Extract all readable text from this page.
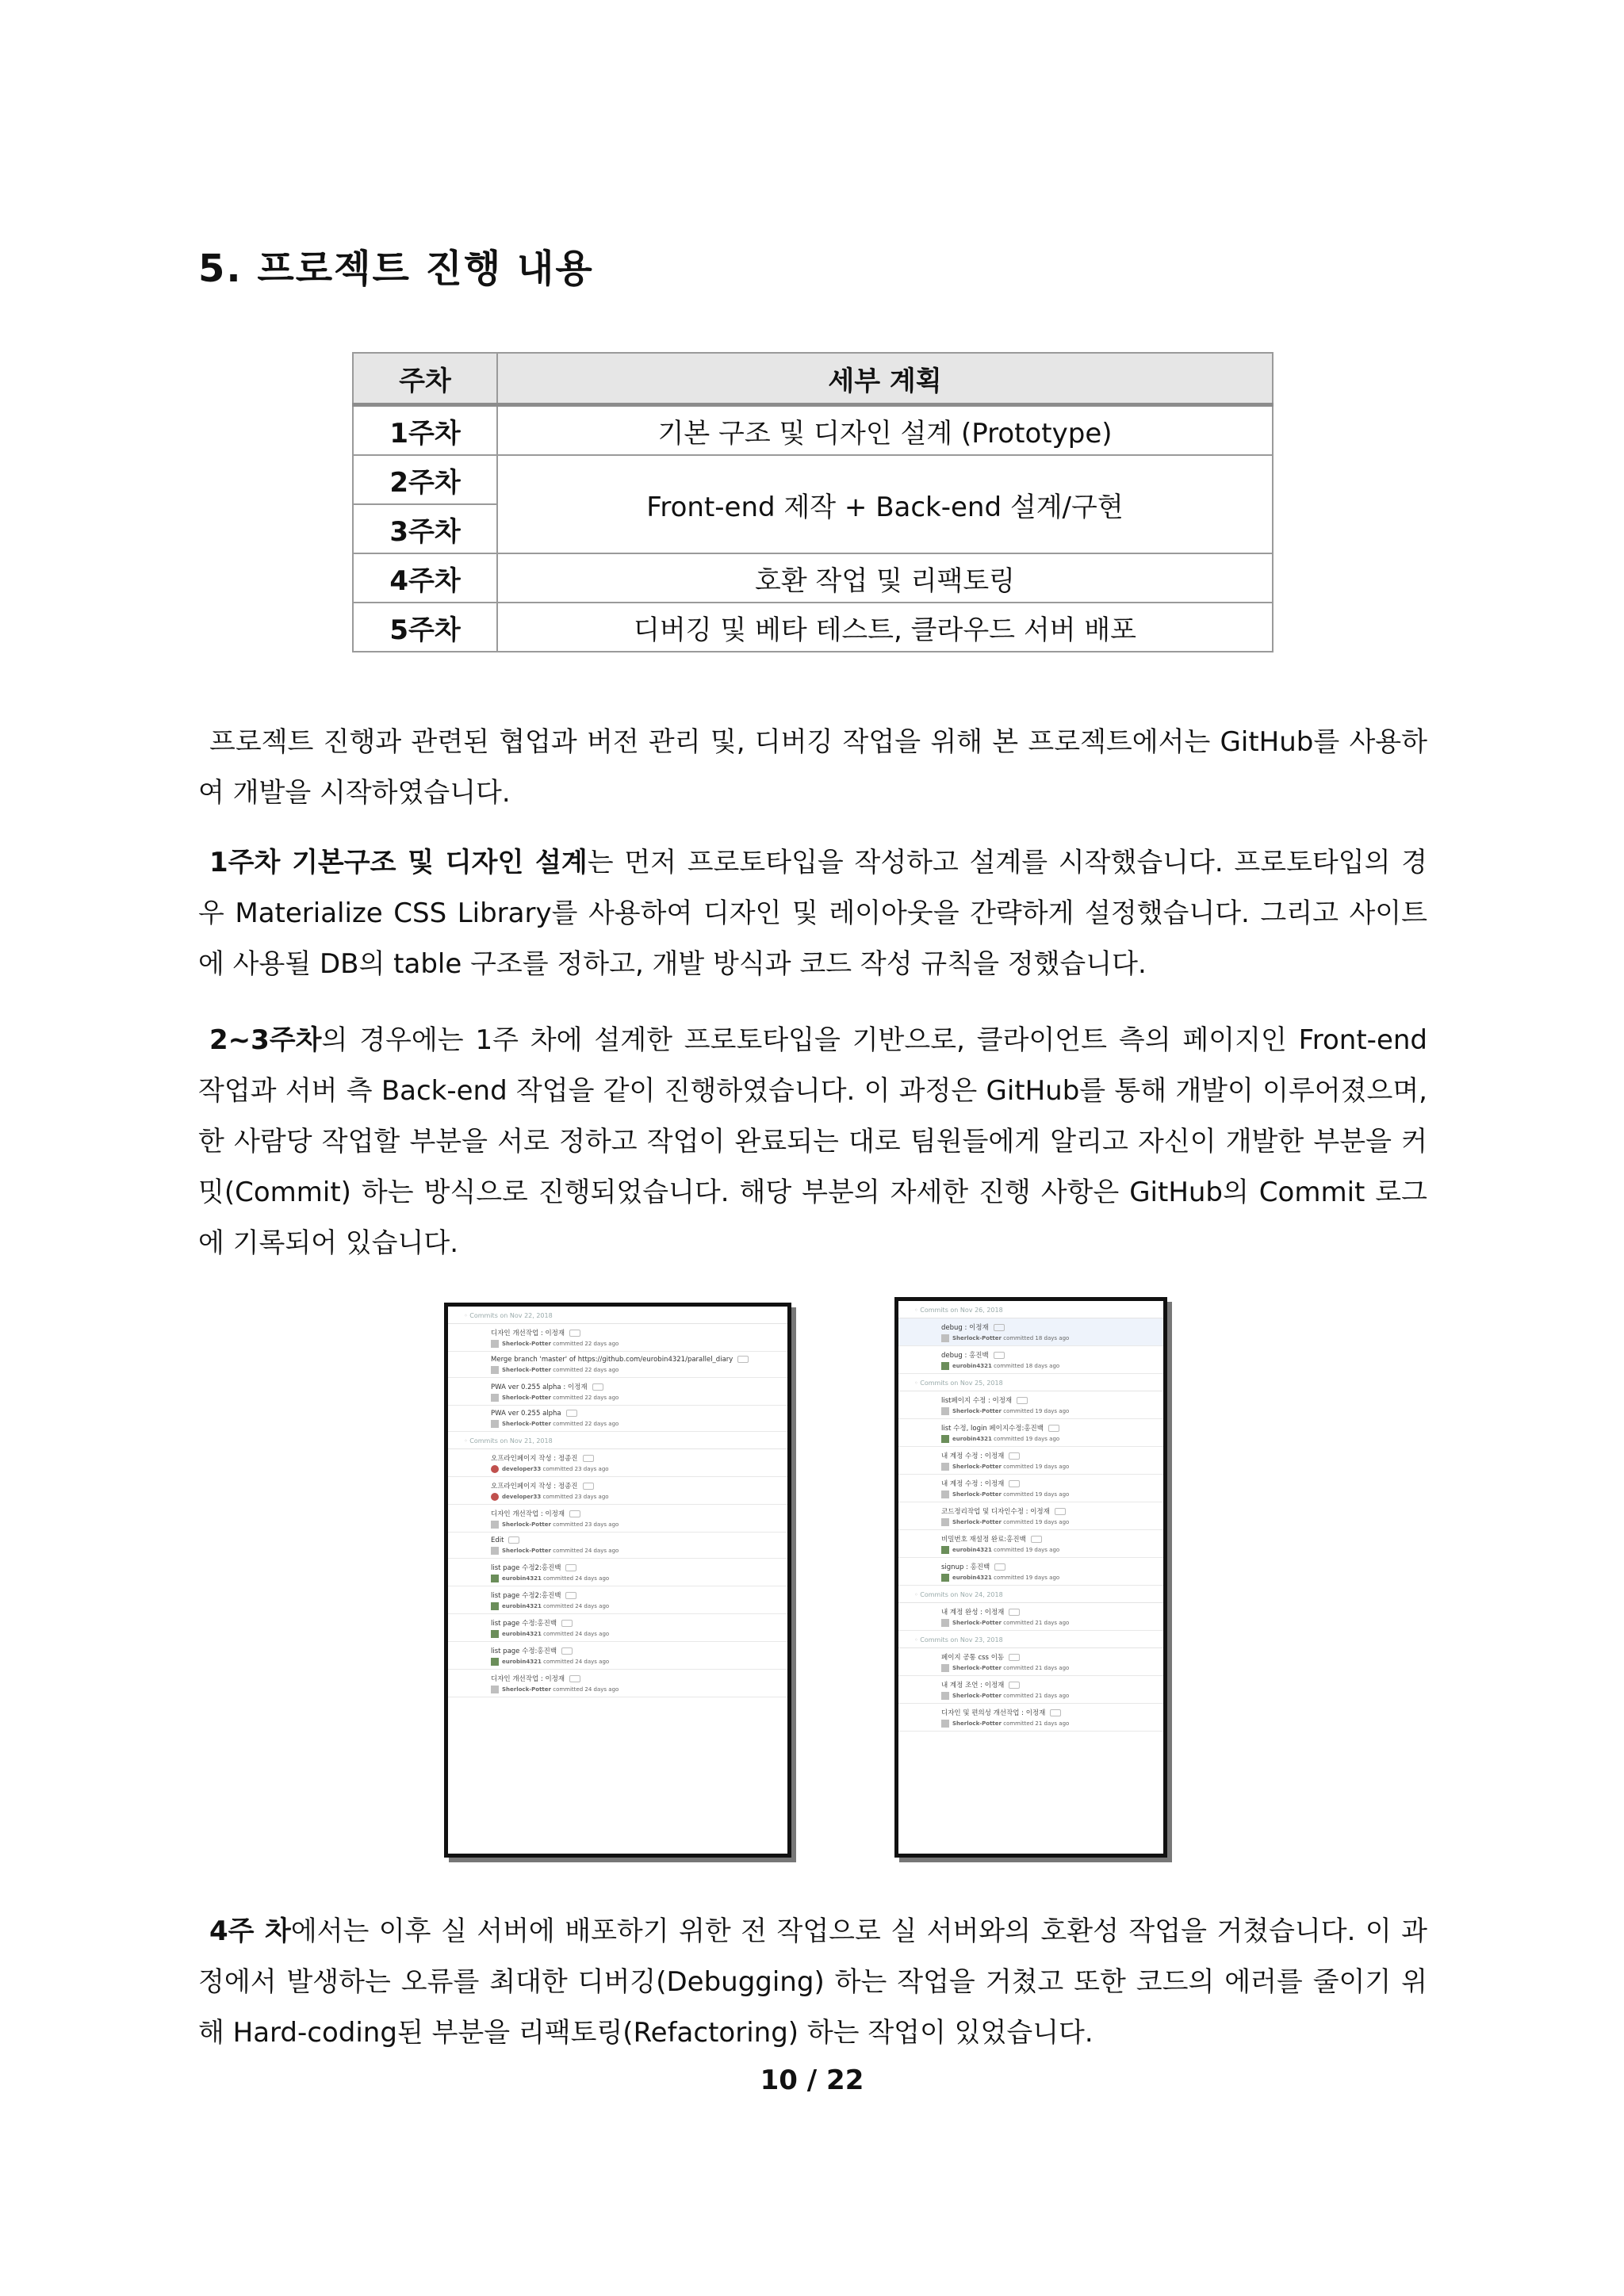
5. 프로젝트 진행 내용
주차	세부 계획
1주차	기본 구조 및 디자인 설계 (Prototype)
2주차	Front-end 제작 + Back-end 설계/구현
3주차	
4주차	호환 작업 및 리팩토링
5주차	디버깅 및 베타 테스트, 클라우드 서버 배포

프로젝트 진행과 관련된 협업과 버전 관리 및, 디버깅 작업을 위해 본 프로젝트에서는 GitHub를 사용하여 개발을 시작하였습니다.

1주차 기본구조 및 디자인 설계는 먼저 프로토타입을 작성하고 설계를 시작했습니다. 프로토타입의 경우 Materialize CSS Library를 사용하여 디자인 및 레이아웃을 간략하게 설정했습니다. 그리고 사이트에 사용될 DB의 table 구조를 정하고, 개발 방식과 코드 작성 규칙을 정했습니다.

2~3주차의 경우에는 1주 차에 설계한 프로토타입을 기반으로, 클라이언트 측의 페이지인 Front-end 작업과 서버 측 Back-end 작업을 같이 진행하였습니다. 이 과정은 GitHub를 통해 개발이 이루어졌으며, 한 사람당 작업할 부분을 서로 정하고 작업이 완료되는 대로 팀원들에게 알리고 자신이 개발한 부분을 커밋(Commit) 하는 방식으로 진행되었습니다. 해당 부분의 자세한 진행 사항은 GitHub의 Commit 로그에 기록되어 있습니다.

◦ Commits on Nov 22, 2018
디자인 개선작업 : 이정재
Sherlock-Potter committed 22 days ago
Merge branch 'master' of https://github.com/eurobin4321/parallel_diary
Sherlock-Potter committed 22 days ago
PWA ver 0.255 alpha : 이정재
Sherlock-Potter committed 22 days ago
PWA ver 0.255 alpha
Sherlock-Potter committed 22 days ago
◦ Commits on Nov 21, 2018
오프라인페이지 작성 : 정종진
developer33 committed 23 days ago
오프라인페이지 작성 : 정종진
developer33 committed 23 days ago
디자인 개선작업 : 이정재
Sherlock-Potter committed 23 days ago
Edit
Sherlock-Potter committed 24 days ago
list page 수정2:홍진백
eurobin4321 committed 24 days ago
list page 수정2:홍진백
eurobin4321 committed 24 days ago
list page 수정:홍진백
eurobin4321 committed 24 days ago
list page 수정:홍진백
eurobin4321 committed 24 days ago
디자인 개선작업 : 이정재
Sherlock-Potter committed 24 days ago
◦ Commits on Nov 26, 2018
debug : 이정재
Sherlock-Potter committed 18 days ago
debug : 홍진백
eurobin4321 committed 18 days ago
◦ Commits on Nov 25, 2018
list페이지 수정 : 이정재
Sherlock-Potter committed 19 days ago
list 수정, login 페이지수정:홍진백
eurobin4321 committed 19 days ago
내 계정 수정 : 이정재
Sherlock-Potter committed 19 days ago
내 계정 수정 : 이정재
Sherlock-Potter committed 19 days ago
코드정리작업 및 디자인수정 : 이정재
Sherlock-Potter committed 19 days ago
비밀번호 재설정 완료:홍진백
eurobin4321 committed 19 days ago
signup : 홍진백
eurobin4321 committed 19 days ago
◦ Commits on Nov 24, 2018
내 계정 완성 : 이정재
Sherlock-Potter committed 21 days ago
◦ Commits on Nov 23, 2018
페이지 공통 css 이동
Sherlock-Potter committed 21 days ago
내 계정 조언 : 이정재
Sherlock-Potter committed 21 days ago
디자인 및 편의성 개선작업 : 이정재
Sherlock-Potter committed 21 days ago

4주 차에서는 이후 실 서버에 배포하기 위한 전 작업으로 실 서버와의 호환성 작업을 거쳤습니다. 이 과정에서 발생하는 오류를 최대한 디버깅(Debugging) 하는 작업을 거쳤고 또한 코드의 에러를 줄이기 위해 Hard-coding된 부분을 리팩토링(Refactoring) 하는 작업이 있었습니다.

10 / 22
